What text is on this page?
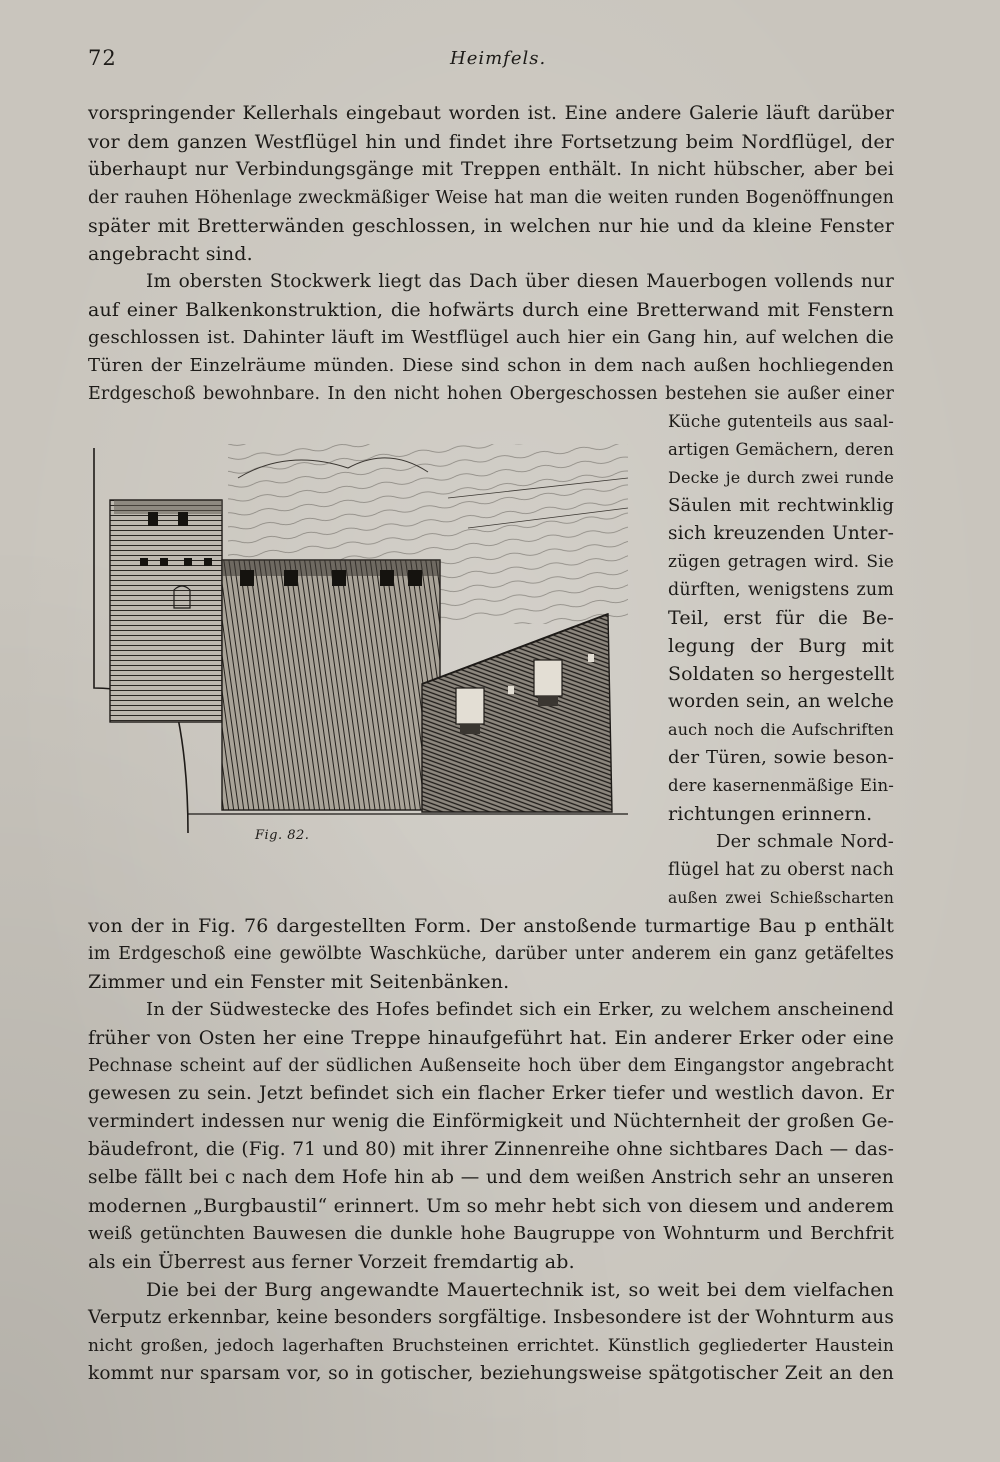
72	Heimfels.
vorspringender Kellerhals eingebaut worden ist. Eine andere Galerie läuft darüber
vor dem ganzen Westflügel hin und findet ihre Fortsetzung beim Nordflügel, der
überhaupt nur Verbindungsgänge mit Treppen enthält. In nicht hübscher, aber bei
der rauhen Höhenlage zweckmäßiger Weise hat man die weiten runden Bogenöffnungen
später mit Bretterwänden geschlossen, in welchen nur hie und da kleine Fenster
angebracht sind.
Im obersten Stockwerk liegt das Dach über diesen Mauerbogen vollends nur
auf einer Balkenkonstruktion, die hofwärts durch eine Bretterwand mit Fenstern
geschlossen ist. Dahinter läuft im Westflügel auch hier ein Gang hin, auf welchen die
Türen der Einzelräume münden. Diese sind schon in dem nach außen hochliegenden
Erdgeschoß bewohnbare. In den nicht hohen Obergeschossen bestehen sie außer einer
Küche gutenteils aus saal-
artigen Gemächern, deren
Decke je durch zwei runde
Säulen mit rechtwinklig
sich kreuzenden Unter-
zügen getragen wird. Sie
dürften, wenigstens zum
Teil, erst für die Be-
legung der Burg mit
Soldaten so hergestellt
worden sein, an welche
auch noch die Aufschriften
der Türen, sowie beson-
dere kasernenmäßige Ein-
richtungen erinnern.
Der schmale Nord-
flügel hat zu oberst nach
außen zwei Schießscharten
Fig. 82.
von der in Fig. 76 dargestellten Form. Der anstoßende turmartige Bau p enthält
im Erdgeschoß eine gewölbte Waschküche, darüber unter anderem ein ganz getäfeltes
Zimmer und ein Fenster mit Seitenbänken.
In der Südwestecke des Hofes befindet sich ein Erker, zu welchem anscheinend
früher von Osten her eine Treppe hinaufgeführt hat. Ein anderer Erker oder eine
Pechnase scheint auf der südlichen Außenseite hoch über dem Eingangstor angebracht
gewesen zu sein. Jetzt befindet sich ein flacher Erker tiefer und westlich davon. Er
vermindert indessen nur wenig die Einförmigkeit und Nüchternheit der großen Ge-
bäudefront, die (Fig. 71 und 80) mit ihrer Zinnenreihe ohne sichtbares Dach — das-
selbe fällt bei c nach dem Hofe hin ab — und dem weißen Anstrich sehr an unseren
modernen „Burgbaustil“ erinnert. Um so mehr hebt sich von diesem und anderem
weiß getünchten Bauwesen die dunkle hohe Baugruppe von Wohnturm und Berchfrit
als ein Überrest aus ferner Vorzeit fremdartig ab.
Die bei der Burg angewandte Mauertechnik ist, so weit bei dem vielfachen
Verputz erkennbar, keine besonders sorgfältige. Insbesondere ist der Wohnturm aus
nicht großen, jedoch lagerhaften Bruchsteinen errichtet. Künstlich gegliederter Haustein
kommt nur sparsam vor, so in gotischer, beziehungsweise spätgotischer Zeit an den
